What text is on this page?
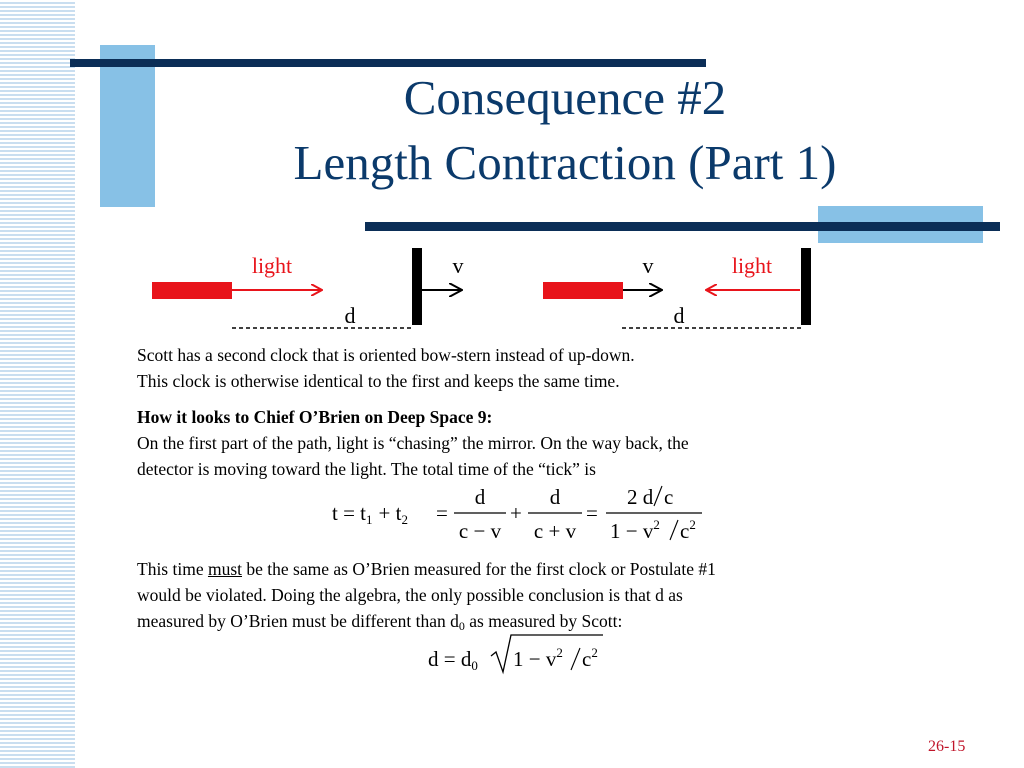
Consequence #2
Length Contraction (Part 1)
light	v
d
v	light
d
Scott has a second clock that is oriented bow-stern instead of up-down.
This clock is otherwise identical to the first and keeps the same time.
How it looks to Chief O’Brien on Deep Space 9:
On the first part of the path, light is “chasing” the mirror. On the way back, the
detector is moving toward the light. The total time of the “tick” is
t = t1 + t2 =
d
c − v
+
d
c + v
=
2 d c
$1 - v^2$ $c^2$
This time must be the same as O’Brien measured for the first clock or Postulate #1
would be violated. Doing the algebra, the only possible conclusion is that d as
measured by O’Brien must be different than $d_0$ as measured by Scott:
d = d0 $1 - v^2$ $c^2$
26-15
